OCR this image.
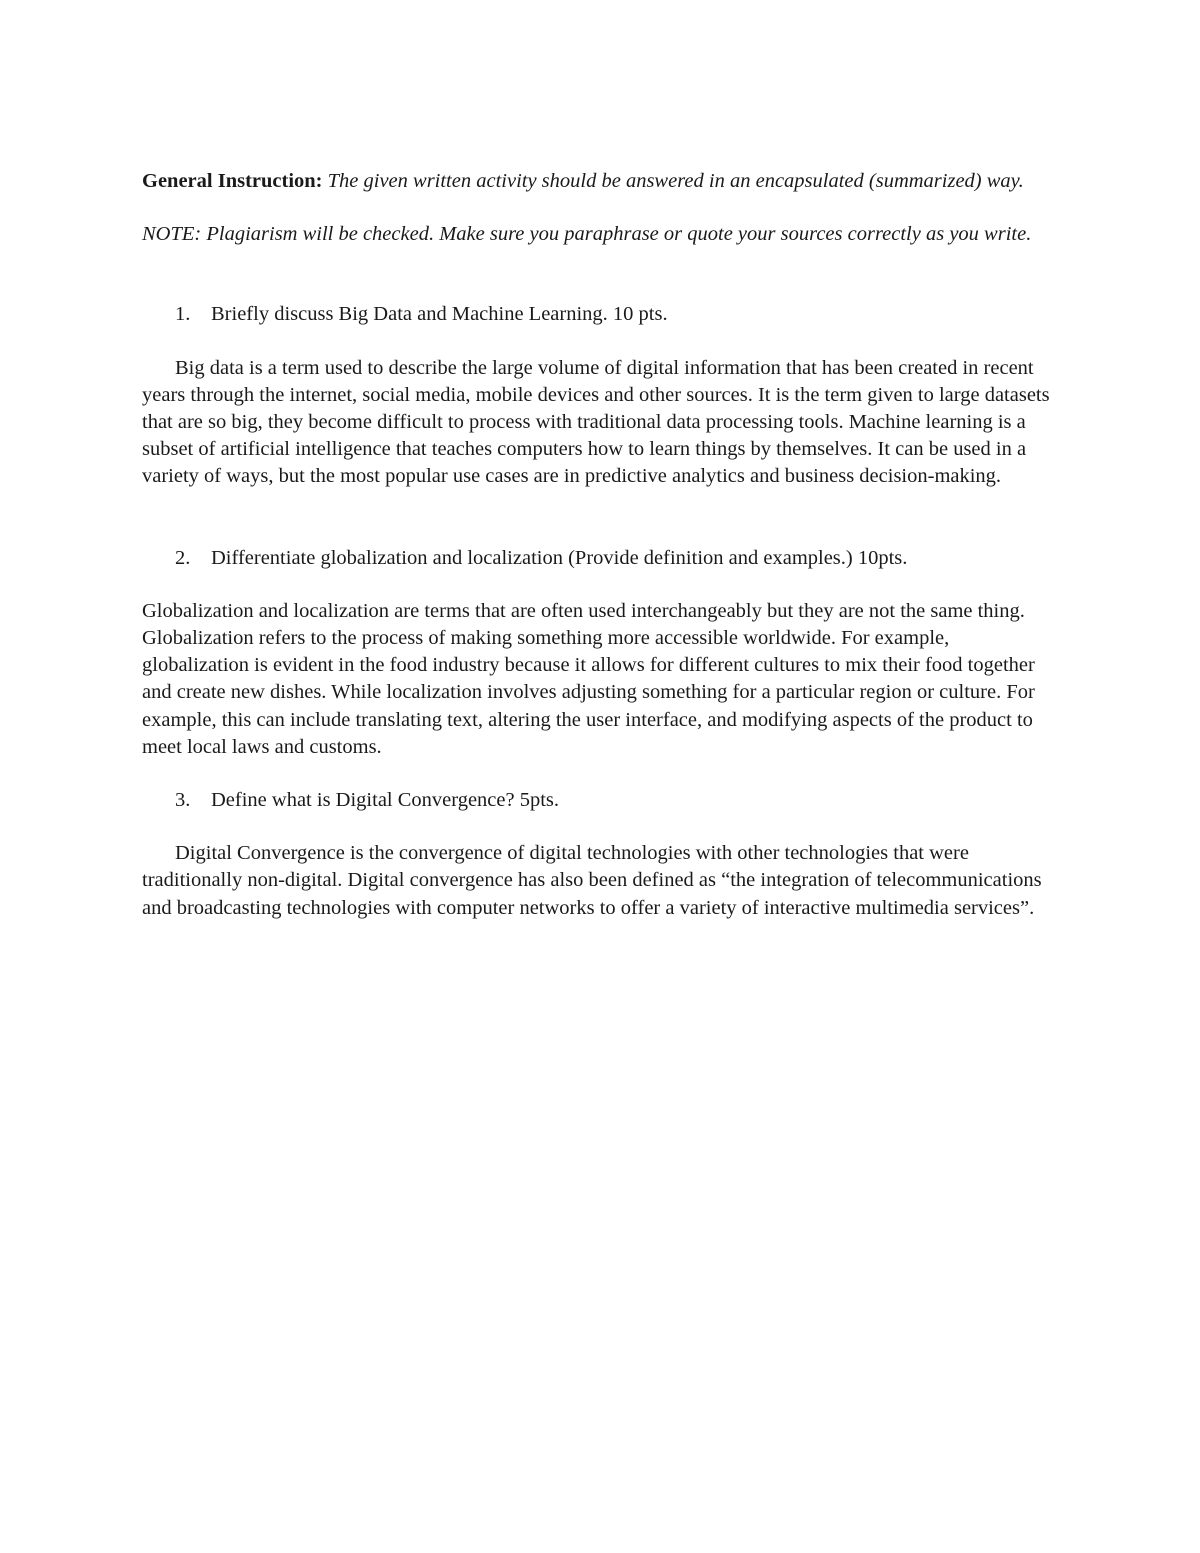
General Instruction: The given written activity should be answered in an encapsulated (summarized) way.

NOTE: Plagiarism will be checked. Make sure you paraphrase or quote your sources correctly as you write.

1.	Briefly discuss Big Data and Machine Learning. 10 pts.

Big data is a term used to describe the large volume of digital information that has been created in recent years through the internet, social media, mobile devices and other sources. It is the term given to large datasets that are so big, they become difficult to process with traditional data processing tools. Machine learning is a subset of artificial intelligence that teaches computers how to learn things by themselves. It can be used in a variety of ways, but the most popular use cases are in predictive analytics and business decision-making.

2.	Differentiate globalization and localization (Provide definition and examples.) 10pts.

Globalization and localization are terms that are often used interchangeably but they are not the same thing. Globalization refers to the process of making something more accessible worldwide. For example, globalization is evident in the food industry because it allows for different cultures to mix their food together and create new dishes. While localization involves adjusting something for a particular region or culture. For example, this can include translating text, altering the user interface, and modifying aspects of the product to meet local laws and customs.

3.	Define what is Digital Convergence? 5pts.

Digital Convergence is the convergence of digital technologies with other technologies that were traditionally non-digital. Digital convergence has also been defined as “the integration of telecommunications and broadcasting technologies with computer networks to offer a variety of interactive multimedia services”.
